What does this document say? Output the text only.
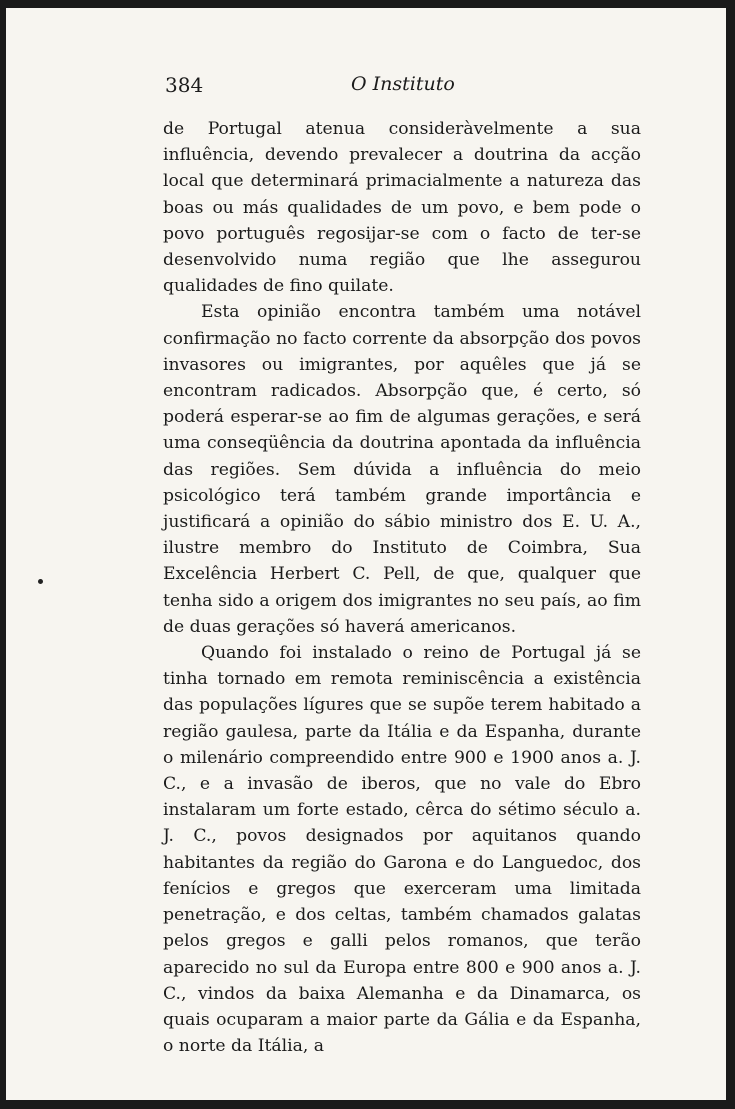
384	O Instituto

de Portugal atenua consideràvelmente a sua influência, devendo prevalecer a doutrina da acção local que determinará primacialmente a natureza das boas ou más qualidades de um povo, e bem pode o povo português regosijar-se com o facto de ter-se desenvolvido numa região que lhe assegurou qualidades de fino quilate.

Esta opinião encontra também uma notável confirmação no facto corrente da absorpção dos povos invasores ou imigrantes, por aquêles que já se encontram radicados. Absorpção que, é certo, só poderá esperar-se ao fim de algumas gerações, e será uma conseqüência da doutrina apontada da influência das regiões. Sem dúvida a influência do meio psicológico terá também grande importância e justificará a opinião do sábio ministro dos E. U. A., ilustre membro do Instituto de Coimbra, Sua Excelência Herbert C. Pell, de que, qualquer que tenha sido a origem dos imigrantes no seu país, ao fim de duas gerações só haverá americanos.

Quando foi instalado o reino de Portugal já se tinha tornado em remota reminiscência a existência das populações lígures que se supõe terem habitado a região gaulesa, parte da Itália e da Espanha, durante o milenário compreendido entre 900 e 1900 anos a. J. C., e a invasão de iberos, que no vale do Ebro instalaram um forte estado, cêrca do sétimo século a. J. C., povos designados por aquitanos quando habitantes da região do Garona e do Languedoc, dos fenícios e gregos que exerceram uma limitada penetração, e dos celtas, também chamados galatas pelos gregos e galli pelos romanos, que terão aparecido no sul da Europa entre 800 e 900 anos a. J. C., vindos da baixa Alemanha e da Dinamarca, os quais ocuparam a maior parte da Gália e da Espanha, o norte da Itália, a
